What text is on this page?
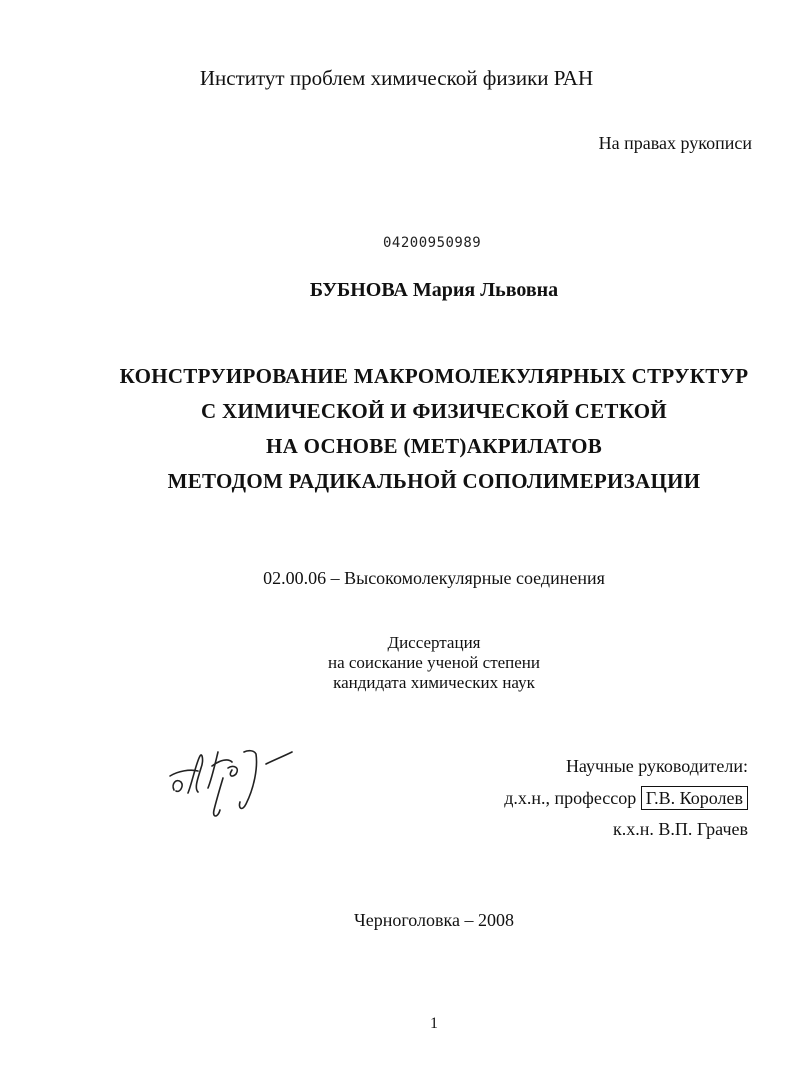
Институт проблем химической физики РАН
На правах рукописи
04200950989
БУБНОВА Мария Львовна
КОНСТРУИРОВАНИЕ МАКРОМОЛЕКУЛЯРНЫХ СТРУКТУР
С ХИМИЧЕСКОЙ И ФИЗИЧЕСКОЙ СЕТКОЙ
НА ОСНОВЕ (МЕТ)АКРИЛАТОВ
МЕТОДОМ РАДИКАЛЬНОЙ СОПОЛИМЕРИЗАЦИИ
02.00.06 – Высокомолекулярные соединения
Диссертация
на соискание ученой степени
кандидата химических наук
Научные руководители:
д.х.н., профессор Г.В. Королев
к.х.н. В.П. Грачев
Черноголовка – 2008
1
